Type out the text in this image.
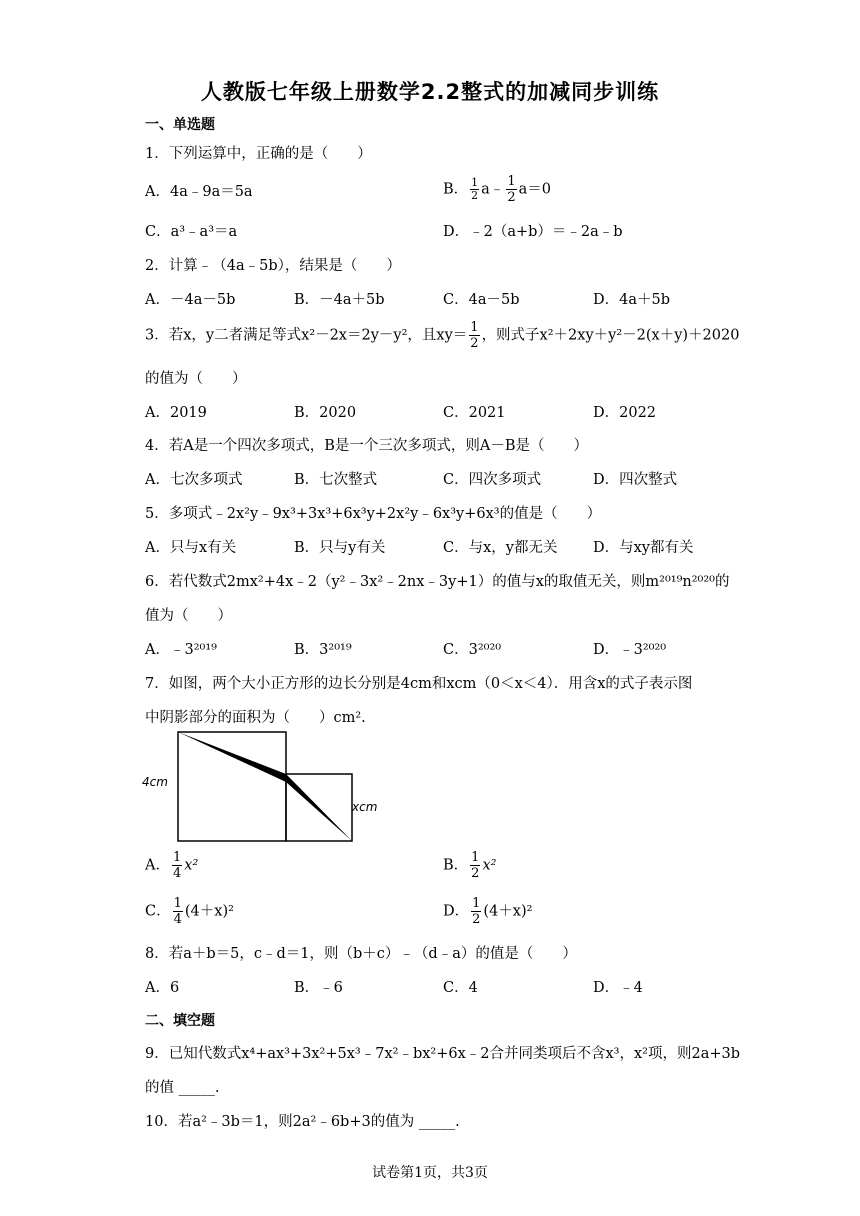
人教版七年级上册数学2.2整式的加减同步训练
一、单选题
1．下列运算中，正确的是（　　）
A．4a﹣9a＝5a	B． $\frac{1}{2}$ a﹣ $\frac{1}{2} a=0$
C．a³﹣a³＝a	D．﹣2（a+b）＝﹣2a﹣b
2．计算﹣（4a﹣5b），结果是（　　）
A．－4a－5b	B．－4a＋5b	C．4a－5b	D．4a＋5b
3．若x，y二者满足等式x²－2x＝2y－y²，且$xy= \frac{1}{2}$ ，则式子x²＋2xy＋y²－2(x＋y)＋2020
的值为（　　）
A．2019	B．2020	C．2021	D．2022
4．若A是一个四次多项式，B是一个三次多项式，则A－B是（　　）
A．七次多项式	B．七次整式	C．四次多项式	D．四次整式
5．多项式﹣2x²y﹣9x³+3x³+6x³y+2x²y﹣6x³y+6x³的值是（　　）
A．只与x有关	B．只与y有关	C．与x，y都无关 D．与xy都有关
6．若代数式2mx²+4x﹣2（y²﹣3x²﹣2nx﹣3y+1）的值与x的取值无关，则m²⁰¹⁹n²⁰²⁰的
值为（　　）
A．﹣3²⁰¹⁹	B．3²⁰¹⁹	C．3²⁰²⁰	D．﹣3²⁰²⁰
7．如图，两个大小正方形的边长分别是4cm和xcm（0＜x＜4）．用含x的式子表示图
中阴影部分的面积为（　　）cm².
4cm
xcm
A． $\frac{1}{4} x^2$	B． $\frac{1}{2} x^2$
C． $\frac{1}{4} (4+x)^2$	D． $\frac{1}{2} (4+x)^2$
8．若a＋b＝5，c﹣d＝1，则（b＋c）﹣（d﹣a）的值是（　　）
A．6	B．﹣6	C．4	D．﹣4
二、填空题
9．已知代数式x⁴+ax³+3x²+5x³﹣7x²﹣bx²+6x﹣2合并同类项后不含x³，x²项，则2a+3b
的值 _____.
10．若a²﹣3b＝1，则2a²﹣6b+3的值为 _____.
试卷第1页，共3页
